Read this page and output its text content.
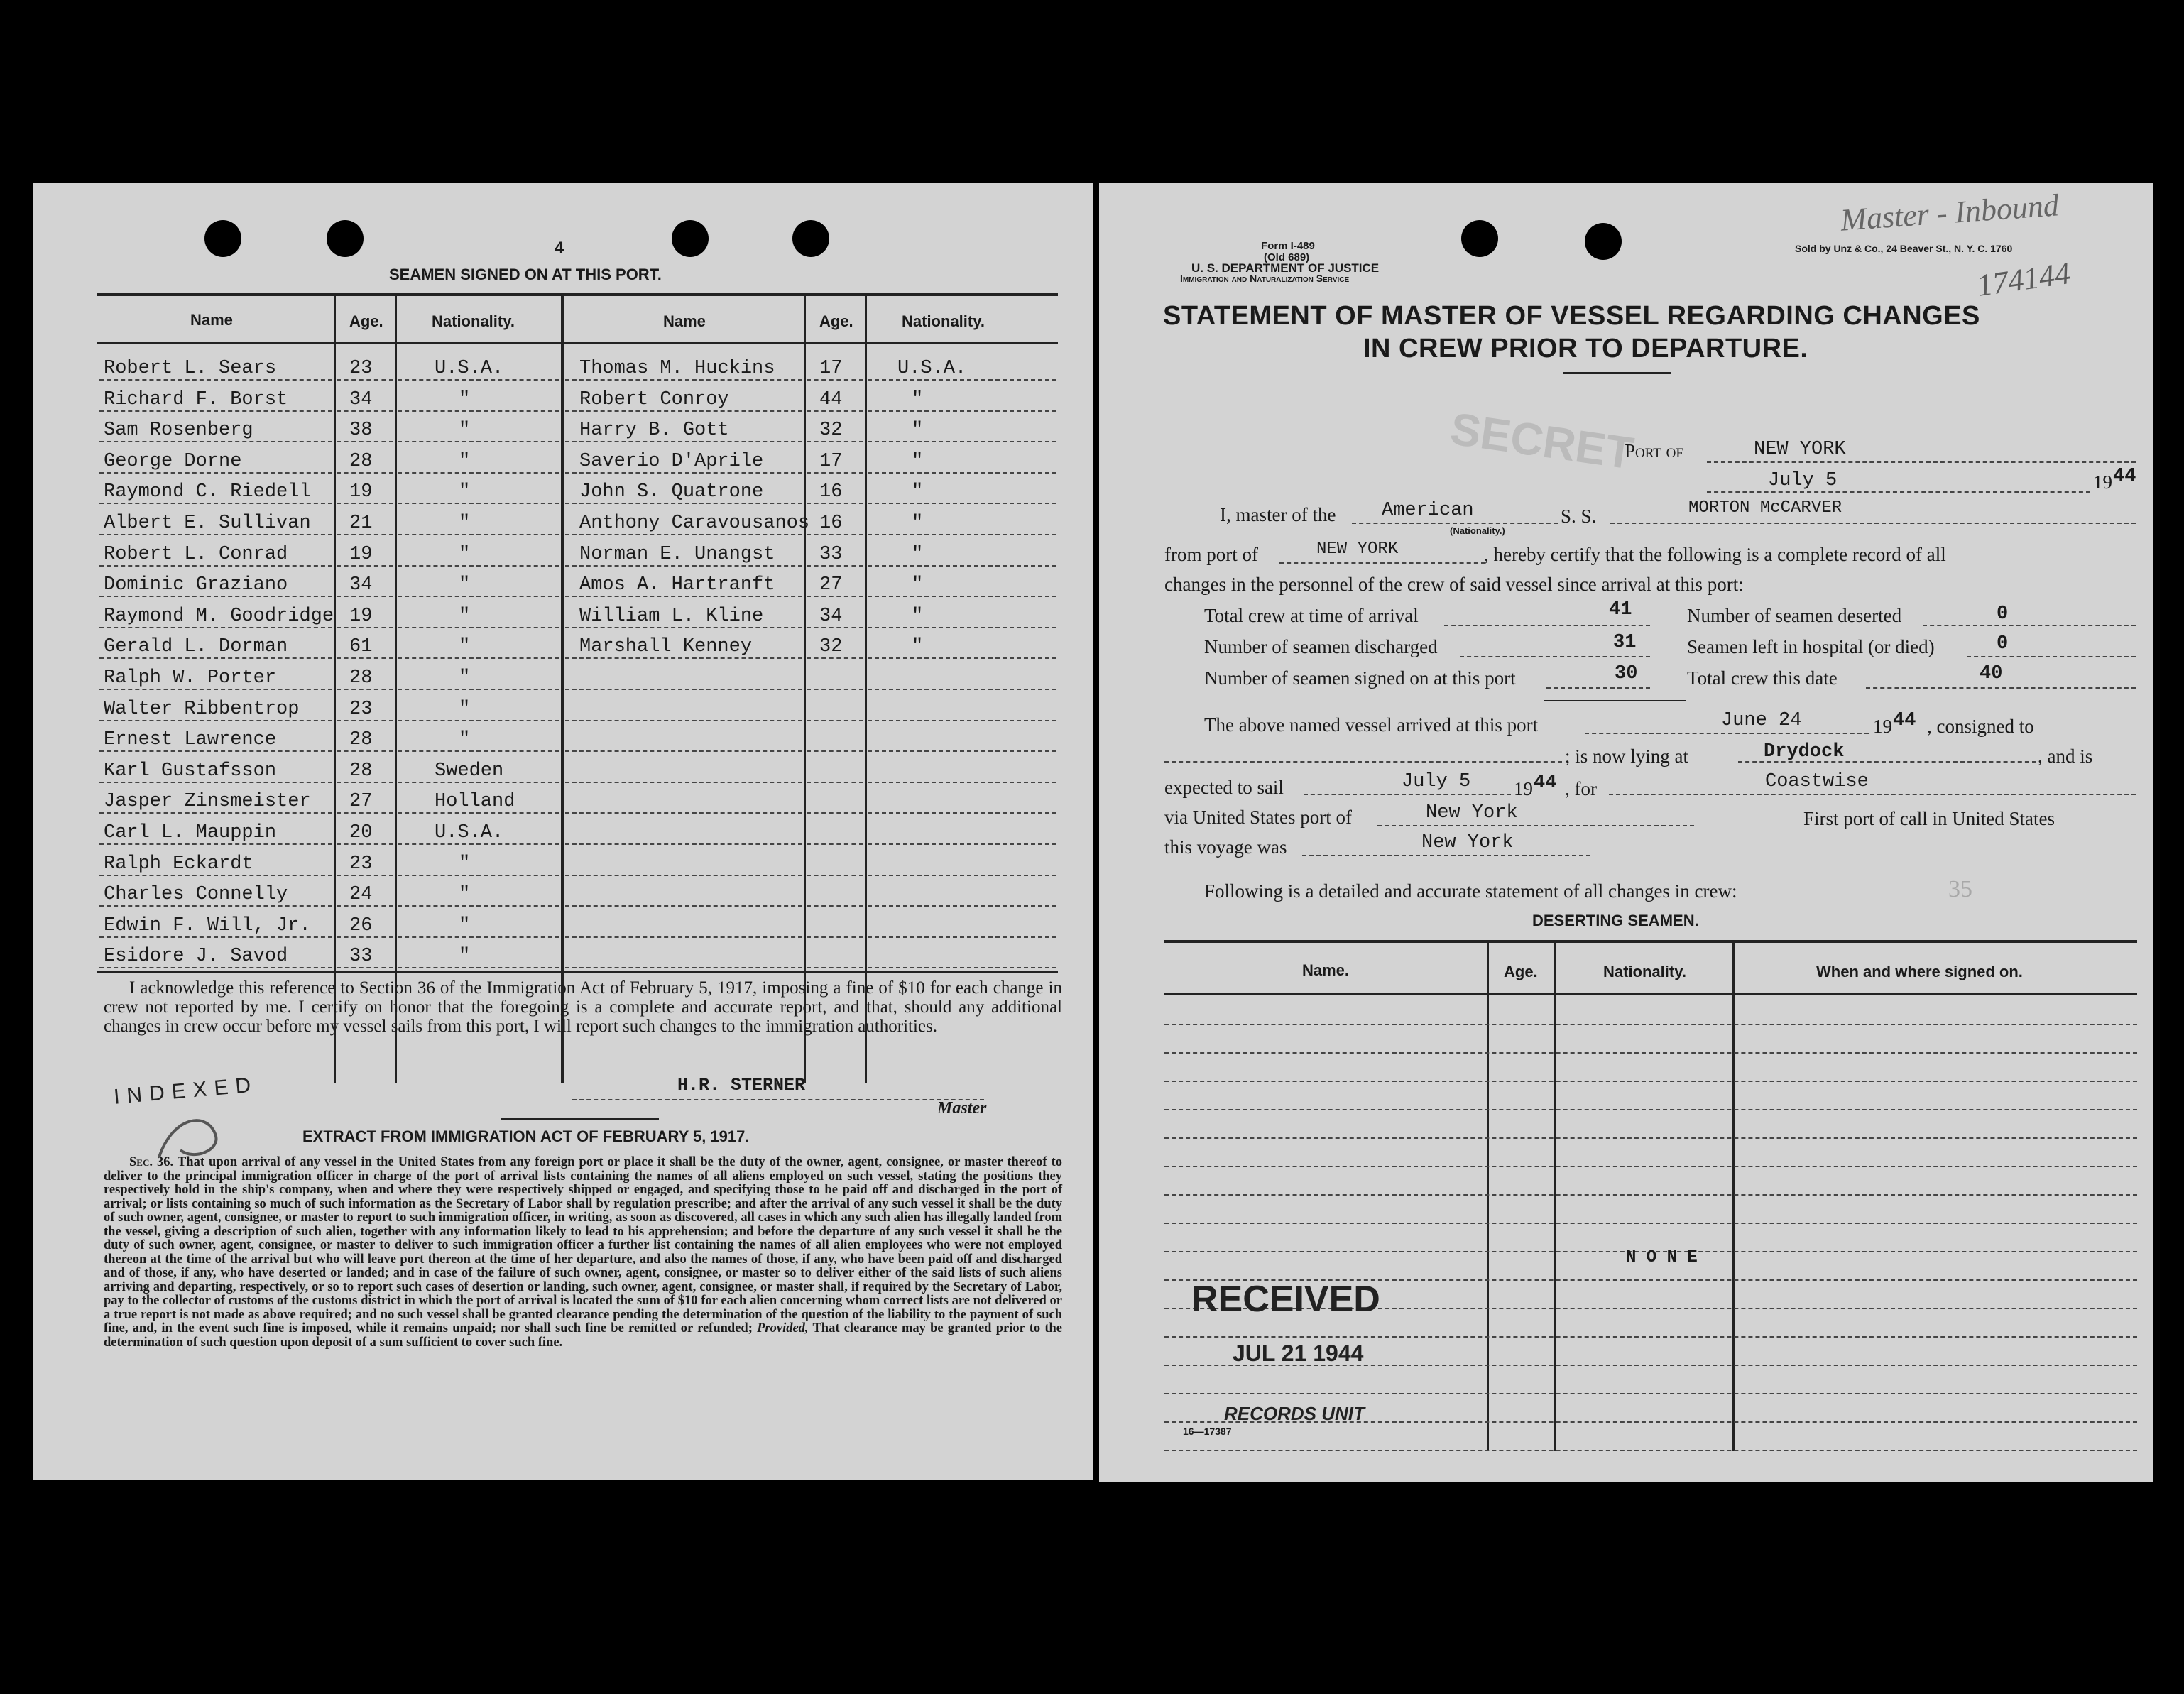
4
SEAMEN SIGNED ON AT THIS PORT.
Name	Age.	Nationality.	Name	Age.	Nationality.
Robert L. Sears	23	U.S.A.
Richard F. Borst	34	"
Sam Rosenberg	38	"
George Dorne	28	"
Raymond C. Riedell 19	"
Albert E. Sullivan 21	"
Robert L. Conrad	19	"
Dominic Graziano	34	"
Raymond M. Goodridge 19	"
Gerald L. Dorman	61	"
Ralph W. Porter	28	"
Walter Ribbentrop	23	"
Ernest Lawrence	28	"
Karl Gustafsson	28	Sweden
Jasper Zinsmeister 27	Holland
Carl L. Mauppin	20	U.S.A.
Ralph Eckardt	23	"
Charles Connelly	24	"
Edwin F. Will, Jr. 26	"
Esidore J. Savod	33	"
Thomas M. Huckins 17	U.S.A.
Robert Conroy	44	"
Harry B. Gott	32	"
Saverio D'Aprile	17	"
John S. Quatrone	16	"
Anthony Caravousanos 16	"
Norman E. Unangst 33	"
Amos A. Hartranft 27	"
William L. Kline	34	"
Marshall Kenney	32	"
I acknowledge this reference to Section 36 of the Immigration Act of February 5, 1917, imposing a fine of $10 for each change in crew not reported by me. I certify on honor that the foregoing is a complete and accurate report, and that, should any additional changes in crew occur before my vessel sails from this port, I will report such changes to the immigration authorities.
H.R. STERNER
Master
INDEXED
EXTRACT FROM IMMIGRATION ACT OF FEBRUARY 5, 1917.
Sec. 36. That upon arrival of any vessel in the United States from any foreign port or place it shall be the duty of the owner, agent, consignee, or master thereof to deliver to the principal immigration officer in charge of the port of arrival lists containing the names of all aliens employed on such vessel, stating the positions they respectively hold in the ship's company, when and where they were respectively shipped or engaged, and specifying those to be paid off and discharged in the port of arrival; or lists containing so much of such information as the Secretary of Labor shall by regulation prescribe; and after the arrival of any such vessel it shall be the duty of such owner, agent, consignee, or master to report to such immigration officer, in writing, as soon as discovered, all cases in which any such alien has illegally landed from the vessel, giving a description of such alien, together with any information likely to lead to his apprehension; and before the departure of any such vessel it shall be the duty of such owner, agent, consignee, or master to deliver to such immigration officer a further list containing the names of all alien employees who were not employed thereon at the time of the arrival but who will leave port thereon at the time of her departure, and also the names of those, if any, who have been paid off and discharged and of those, if any, who have deserted or landed; and in case of the failure of such owner, agent, consignee, or master so to deliver either of the said lists of such aliens arriving and departing, respectively, or so to report such cases of desertion or landing, such owner, agent, consignee, or master shall, if required by the Secretary of Labor, pay to the collector of customs of the customs district in which the port of arrival is located the sum of $10 for each alien concerning whom correct lists are not delivered or a true report is not made as above required; and no such vessel shall be granted clearance pending the determination of the question of the liability to the payment of such fine, and, in the event such fine is imposed, while it remains unpaid; nor shall such fine be remitted or refunded; Provided, That clearance may be granted prior to the determination of such question upon deposit of a sum sufficient to cover such fine.
Form I-489
(Old 689)
U. S. DEPARTMENT OF JUSTICE
Immigration and Naturalization Service
Sold by Unz & Co., 24 Beaver St., N. Y. C. 1760
Master - Inbound
174144
STATEMENT OF MASTER OF VESSEL REGARDING CHANGES
IN CREW PRIOR TO DEPARTURE.
SECRET
Port of	NEW YORK
July 5	19 44
I, master of the American
(Nationality.)
S. S.	MORTON McCARVER
from port of	NEW YORK	, hereby certify that the following is a complete record of all
changes in the personnel of the crew of said vessel since arrival at this port:
Total crew at time of arrival	41	Number of seamen deserted	0
Number of seamen discharged	31	Seamen left in hospital (or died)	0
Number of seamen signed on at this port	30	Total crew this date	40
The above named vessel arrived at this port	June 24	19 44 , consigned to
; is now lying at	Drydock	, and is
expected to sail	July 5 19 44 , for	Coastwise
via United States port of	New York	First port of call in United States
this voyage was	New York
Following is a detailed and accurate statement of all changes in crew:	35
DESERTING SEAMEN.
Name.	Age.	Nationality.	When and where signed on.
N O N E
RECEIVED
JUL 21 1944
RECORDS UNIT
16—17387
